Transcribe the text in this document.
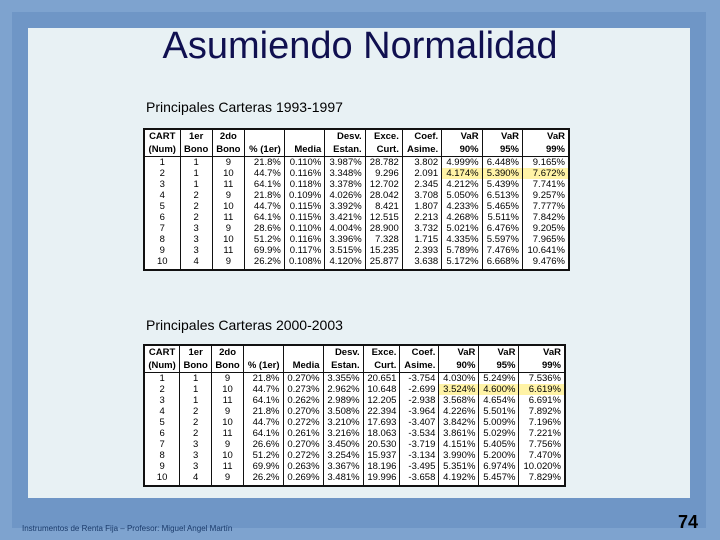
Asumiendo Normalidad
Principales Carteras 1993-1997
CART	1er	2do			Desv.	Exce.	Coef.	VaR	VaR	VaR
(Num)	Bono	Bono	% (1er)	Media	Estan.	Curt.	Asime.	90%	95%	99%
1	1	9	21.8%	0.110%	3.987%	28.782	3.802	4.999%	6.448%	9.165%
2	1	10	44.7%	0.116%	3.348%	9.296	2.091	4.174%	5.390%	7.672%
3	1	11	64.1%	0.118%	3.378%	12.702	2.345	4.212%	5.439%	7.741%
4	2	9	21.8%	0.109%	4.026%	28.042	3.708	5.050%	6.513%	9.257%
5	2	10	44.7%	0.115%	3.392%	8.421	1.807	4.233%	5.465%	7.777%
6	2	11	64.1%	0.115%	3.421%	12.515	2.213	4.268%	5.511%	7.842%
7	3	9	28.6%	0.110%	4.004%	28.900	3.732	5.021%	6.476%	9.205%
8	3	10	51.2%	0.116%	3.396%	7.328	1.715	4.335%	5.597%	7.965%
9	3	11	69.9%	0.117%	3.515%	15.235	2.393	5.789%	7.476%	10.641%
10	4	9	26.2%	0.108%	4.120%	25.877	3.638	5.172%	6.668%	9.476%
Principales Carteras 2000-2003
CART	1er	2do			Desv.	Exce.	Coef.	VaR	VaR	VaR
(Num)	Bono	Bono	% (1er)	Media	Estan.	Curt.	Asime.	90%	95%	99%
1	1	9	21.8%	0.270%	3.355%	20.651	-3.754	4.030%	5.249%	7.536%
2	1	10	44.7%	0.273%	2.962%	10.648	-2.699	3.524%	4.600%	6.619%
3	1	11	64.1%	0.262%	2.989%	12.205	-2.938	3.568%	4.654%	6.691%
4	2	9	21.8%	0.270%	3.508%	22.394	-3.964	4.226%	5.501%	7.892%
5	2	10	44.7%	0.272%	3.210%	17.693	-3.407	3.842%	5.009%	7.196%
6	2	11	64.1%	0.261%	3.216%	18.063	-3.534	3.861%	5.029%	7.221%
7	3	9	26.6%	0.270%	3.450%	20.530	-3.719	4.151%	5.405%	7.756%
8	3	10	51.2%	0.272%	3.254%	15.937	-3.134	3.990%	5.200%	7.470%
9	3	11	69.9%	0.263%	3.367%	18.196	-3.495	5.351%	6.974%	10.020%
10	4	9	26.2%	0.269%	3.481%	19.996	-3.658	4.192%	5.457%	7.829%
Instrumentos de Renta Fija – Profesor: Miguel Angel Martín	74
